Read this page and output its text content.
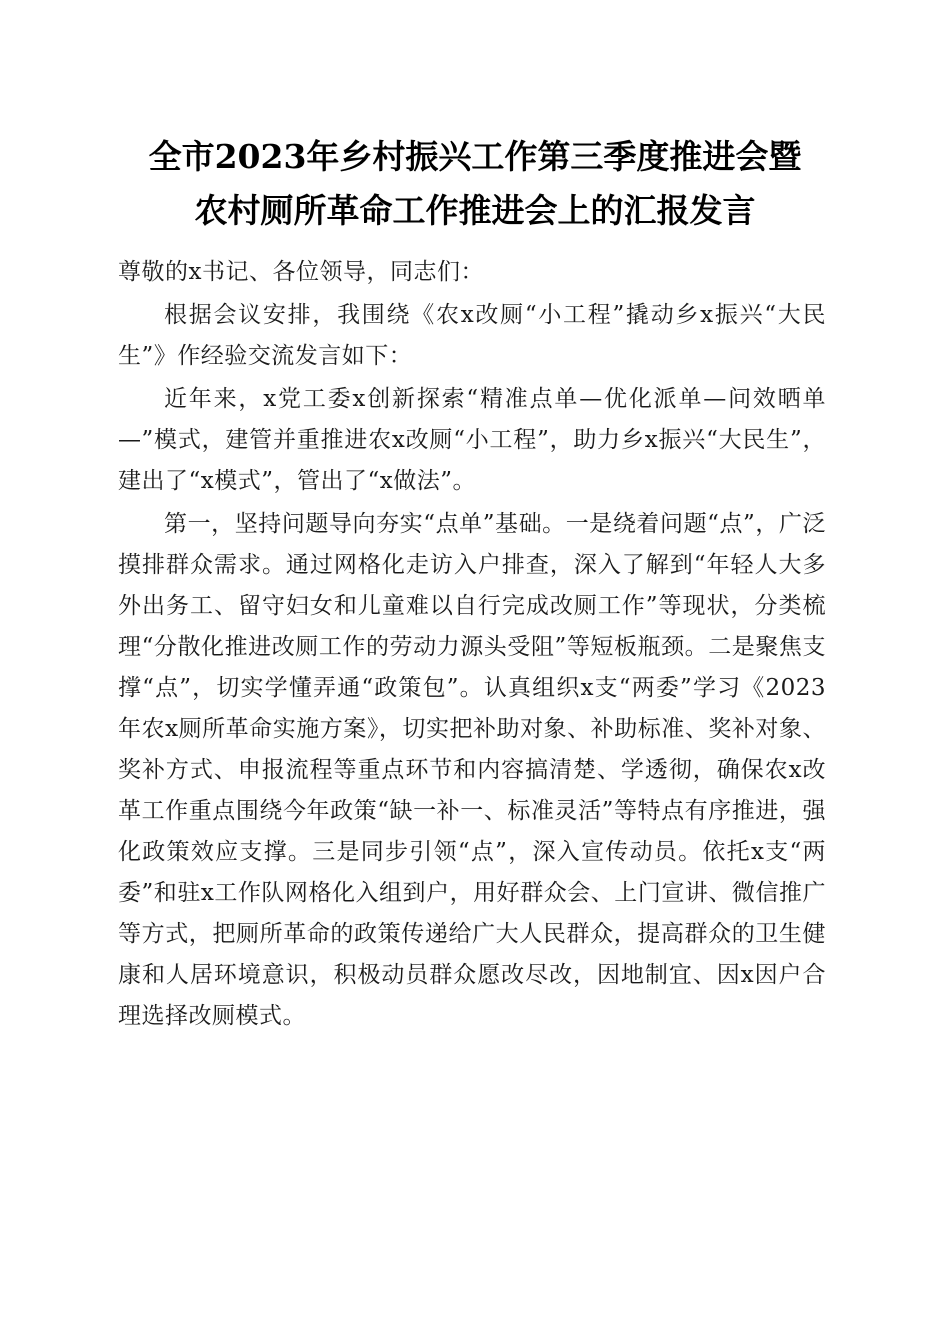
全市2023年乡村振兴工作第三季度推进会暨
农村厕所革命工作推进会上的汇报发言

尊敬的x书记、各位领导，同志们：

根据会议安排，我围绕《农x改厕“小工程”撬动乡x振兴“大民生”》作经验交流发言如下：

近年来，x党工委x创新探索“精准点单—优化派单—问效晒单—”模式，建管并重推进农x改厕“小工程”，助力乡x振兴“大民生”，建出了“x模式”，管出了“x做法”。

第一，坚持问题导向夯实“点单”基础。一是绕着问题“点”，广泛摸排群众需求。通过网格化走访入户排查，深入了解到“年轻人大多外出务工、留守妇女和儿童难以自行完成改厕工作”等现状，分类梳理“分散化推进改厕工作的劳动力源头受阻”等短板瓶颈。二是聚焦支撑“点”，切实学懂弄通“政策包”。认真组织x支“两委”学习《2023年农x厕所革命实施方案》，切实把补助对象、补助标准、奖补对象、奖补方式、申报流程等重点环节和内容搞清楚、学透彻，确保农x改革工作重点围绕今年政策“缺一补一、标准灵活”等特点有序推进，强化政策效应支撑。三是同步引领“点”，深入宣传动员。依托x支“两委”和驻x工作队网格化入组到户，用好群众会、上门宣讲、微信推广等方式，把厕所革命的政策传递给广大人民群众，提高群众的卫生健康和人居环境意识，积极动员群众愿改尽改，因地制宜、因x因户合理选择改厕模式。
